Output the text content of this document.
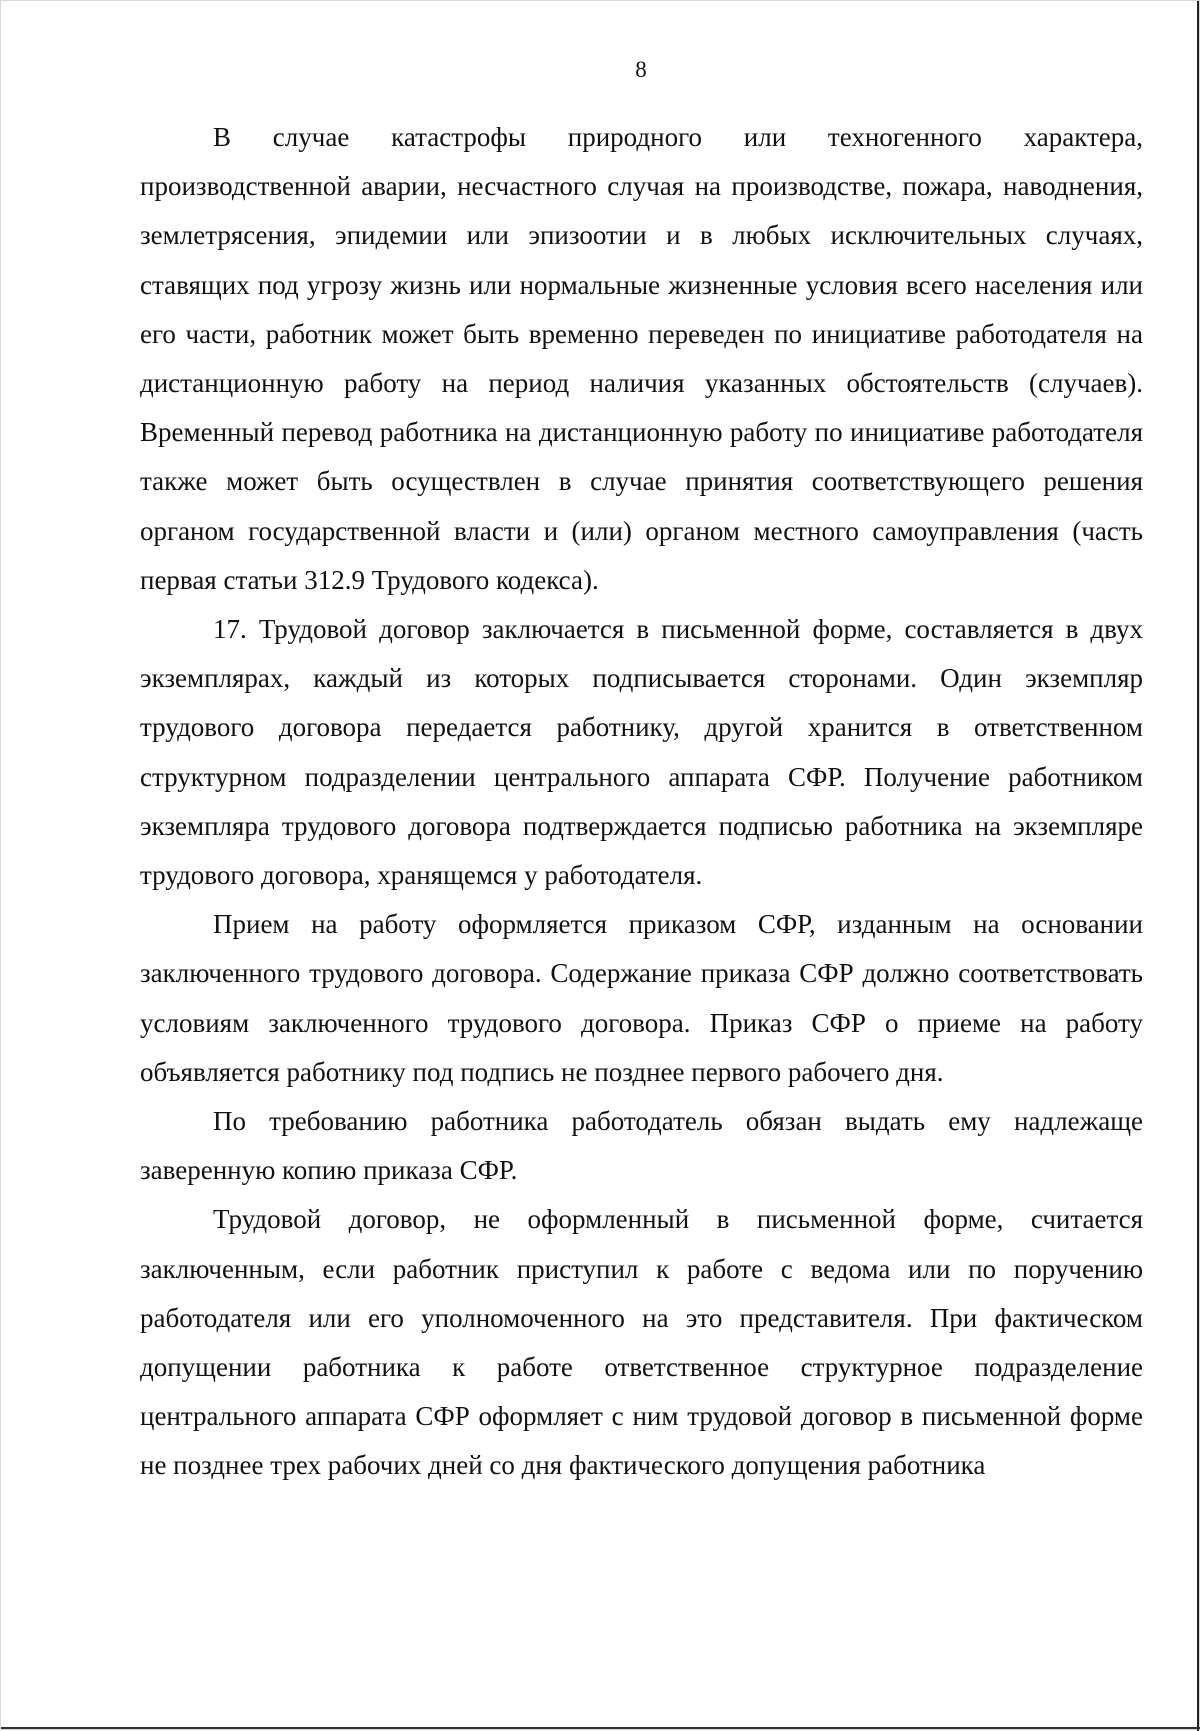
8

В случае катастрофы природного или техногенного характера, производственной аварии, несчастного случая на производстве, пожара, наводнения, землетрясения, эпидемии или эпизоотии и в любых исключительных случаях, ставящих под угрозу жизнь или нормальные жизненные условия всего населения или его части, работник может быть временно переведен по инициативе работодателя на дистанционную работу на период наличия указанных обстоятельств (случаев). Временный перевод работника на дистанционную работу по инициативе работодателя также может быть осуществлен в случае принятия соответствующего решения органом государственной власти и (или) органом местного самоуправления (часть первая статьи 312.9 Трудового кодекса).

17. Трудовой договор заключается в письменной форме, составляется в двух экземплярах, каждый из которых подписывается сторонами. Один экземпляр трудового договора передается работнику, другой хранится в ответственном структурном подразделении центрального аппарата СФР. Получение работником экземпляра трудового договора подтверждается подписью работника на экземпляре трудового договора, хранящемся у работодателя.

Прием на работу оформляется приказом СФР, изданным на основании заключенного трудового договора. Содержание приказа СФР должно соответствовать условиям заключенного трудового договора. Приказ СФР о приеме на работу объявляется работнику под подпись не позднее первого рабочего дня.

По требованию работника работодатель обязан выдать ему надлежаще заверенную копию приказа СФР.

Трудовой договор, не оформленный в письменной форме, считается заключенным, если работник приступил к работе с ведома или по поручению работодателя или его уполномоченного на это представителя. При фактическом допущении работника к работе ответственное структурное подразделение центрального аппарата СФР оформляет с ним трудовой договор в письменной форме не позднее трех рабочих дней со дня фактического допущения работника
